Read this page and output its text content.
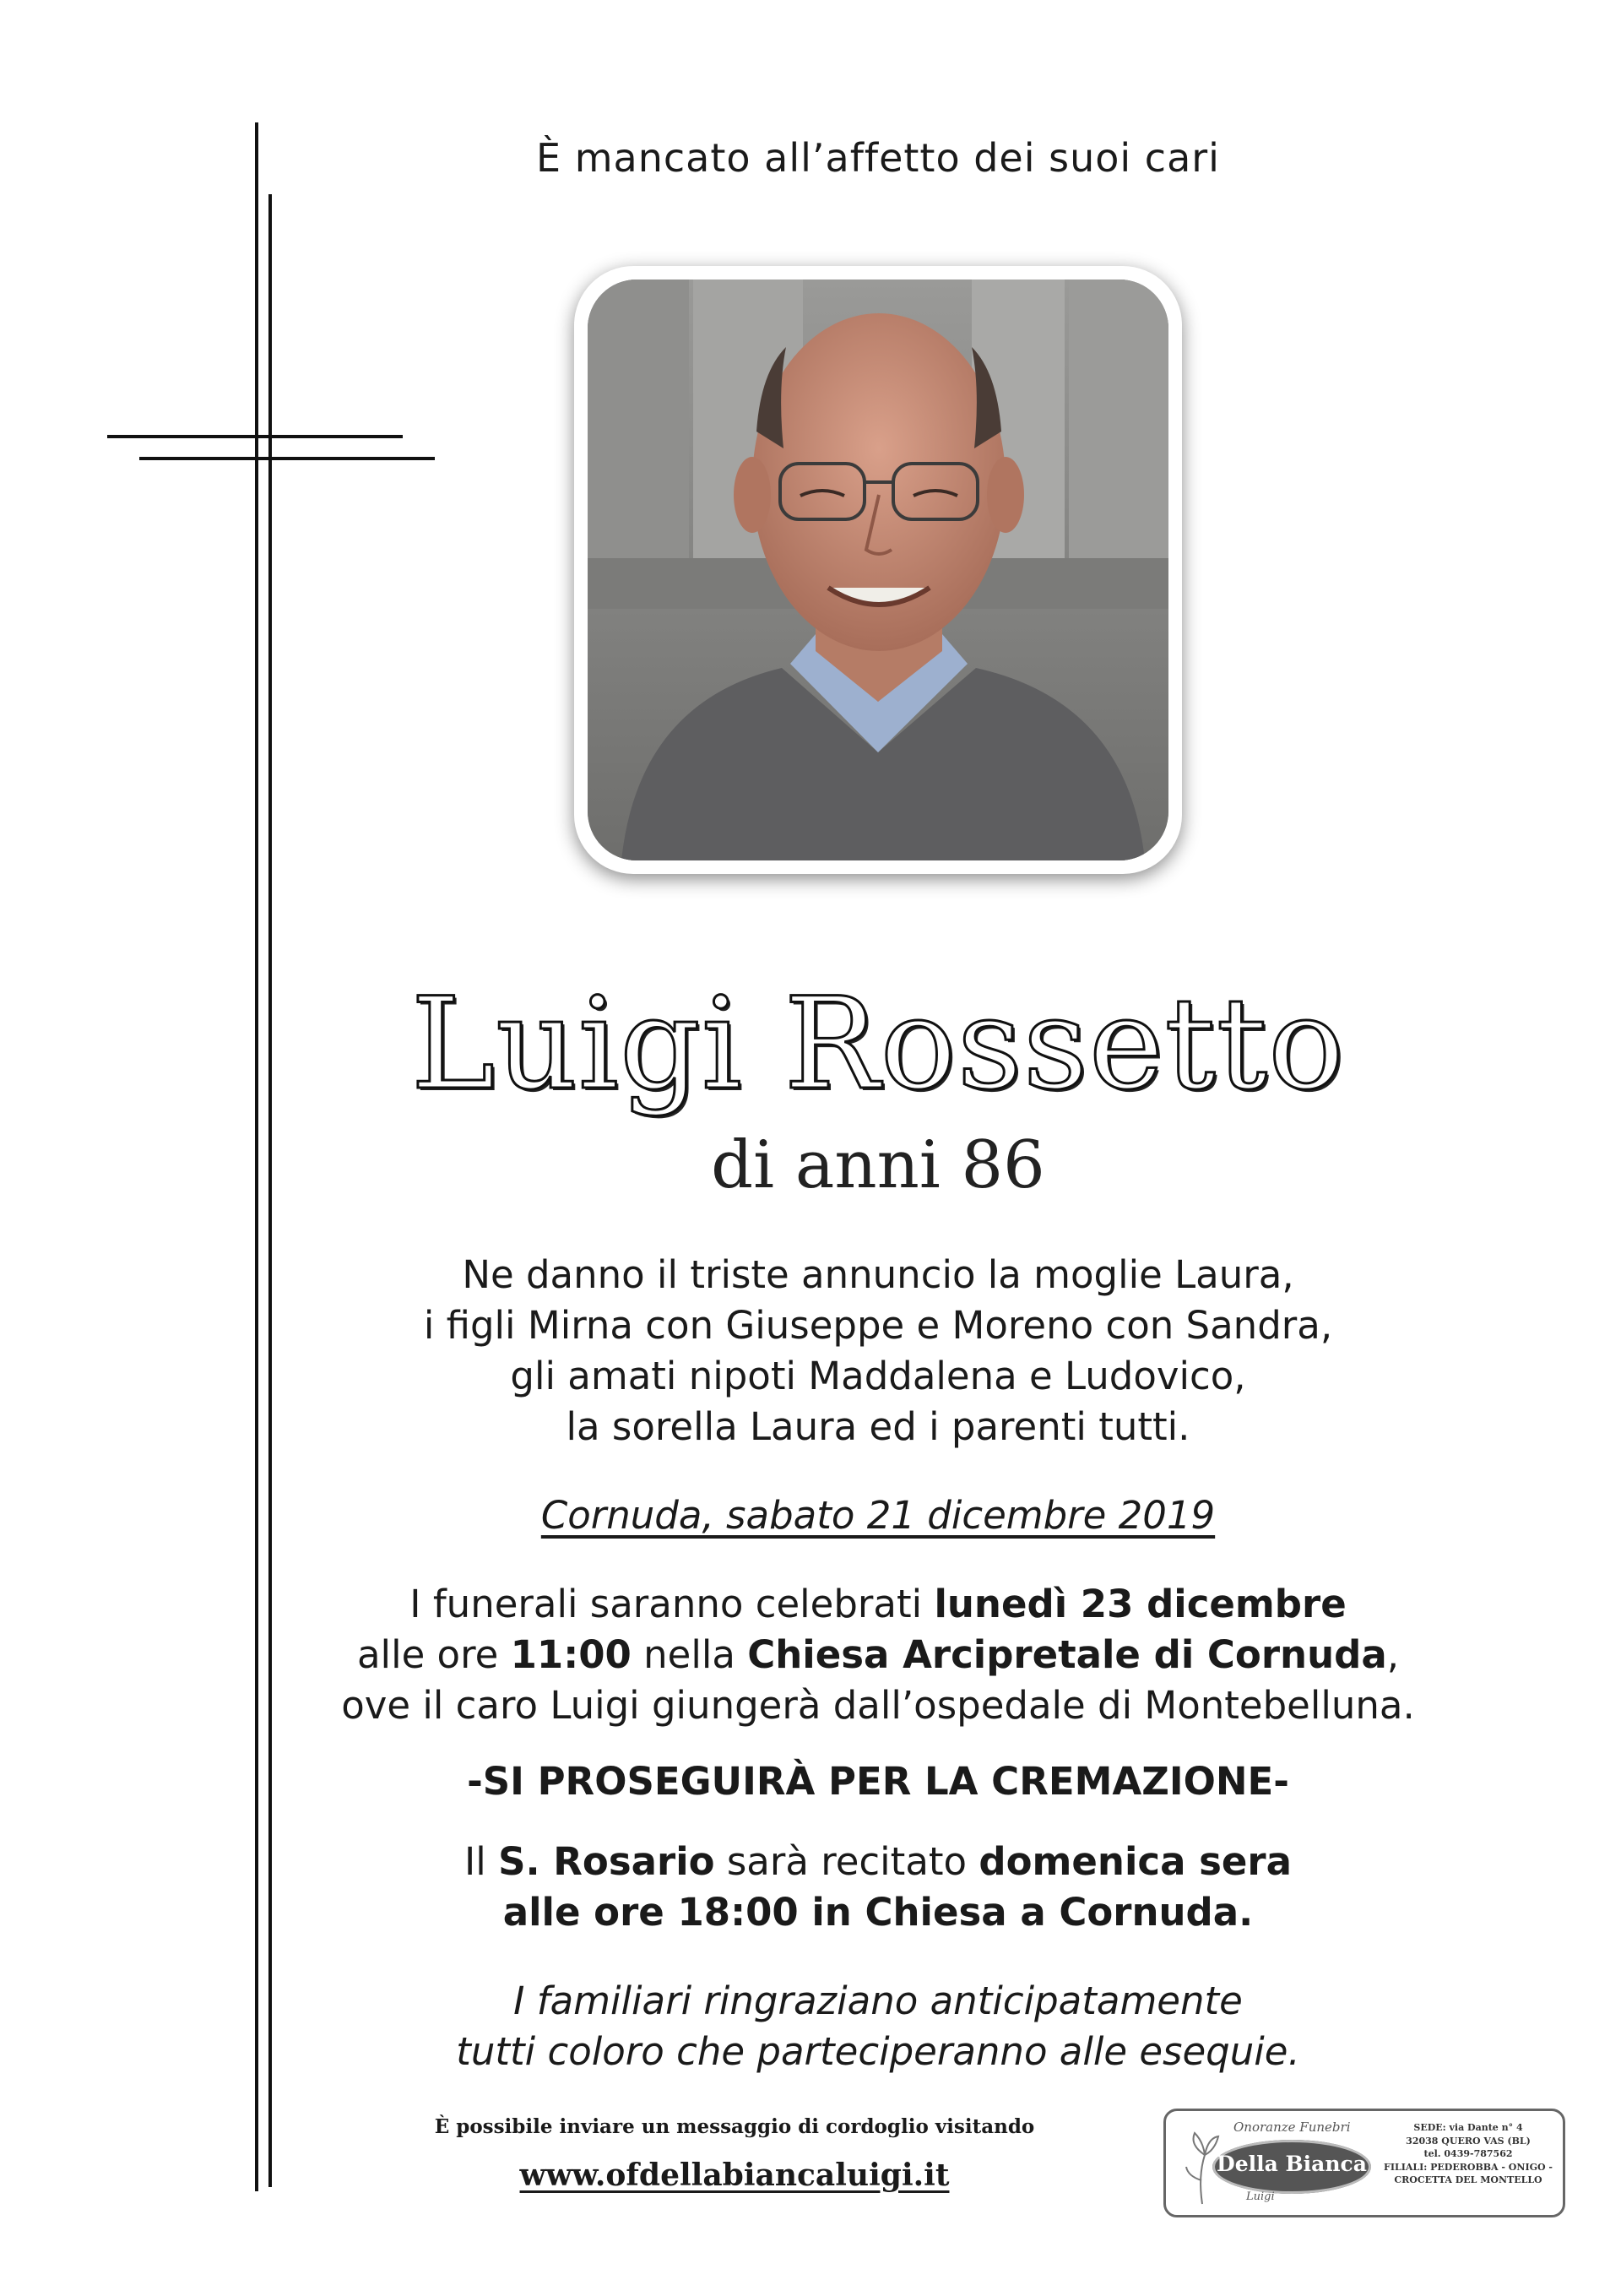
È mancato all’affetto dei suoi cari
Luigi Rossetto
di anni 86
Ne danno il triste annuncio la moglie Laura,
i figli Mirna con Giuseppe e Moreno con Sandra,
gli amati nipoti Maddalena e Ludovico,
la sorella Laura ed i parenti tutti.
Cornuda, sabato 21 dicembre 2019
I funerali saranno celebrati lunedì 23 dicembre
alle ore 11:00 nella Chiesa Arcipretale di Cornuda,
ove il caro Luigi giungerà dall’ospedale di Montebelluna.
-SI PROSEGUIRÀ PER LA CREMAZIONE-
Il S. Rosario sarà recitato domenica sera
alle ore 18:00 in Chiesa a Cornuda.
I familiari ringraziano anticipatamente
tutti coloro che parteciperanno alle esequie.
È possibile inviare un messaggio di cordoglio visitando
www.ofdellabiancaluigi.it
Onoranze Funebri
Della Bianca
Luigi
SEDE: via Dante n° 4
32038 QUERO VAS (BL)
tel. 0439-787562
FILIALI: PEDEROBBA - ONIGO -
CROCETTA DEL MONTELLO
